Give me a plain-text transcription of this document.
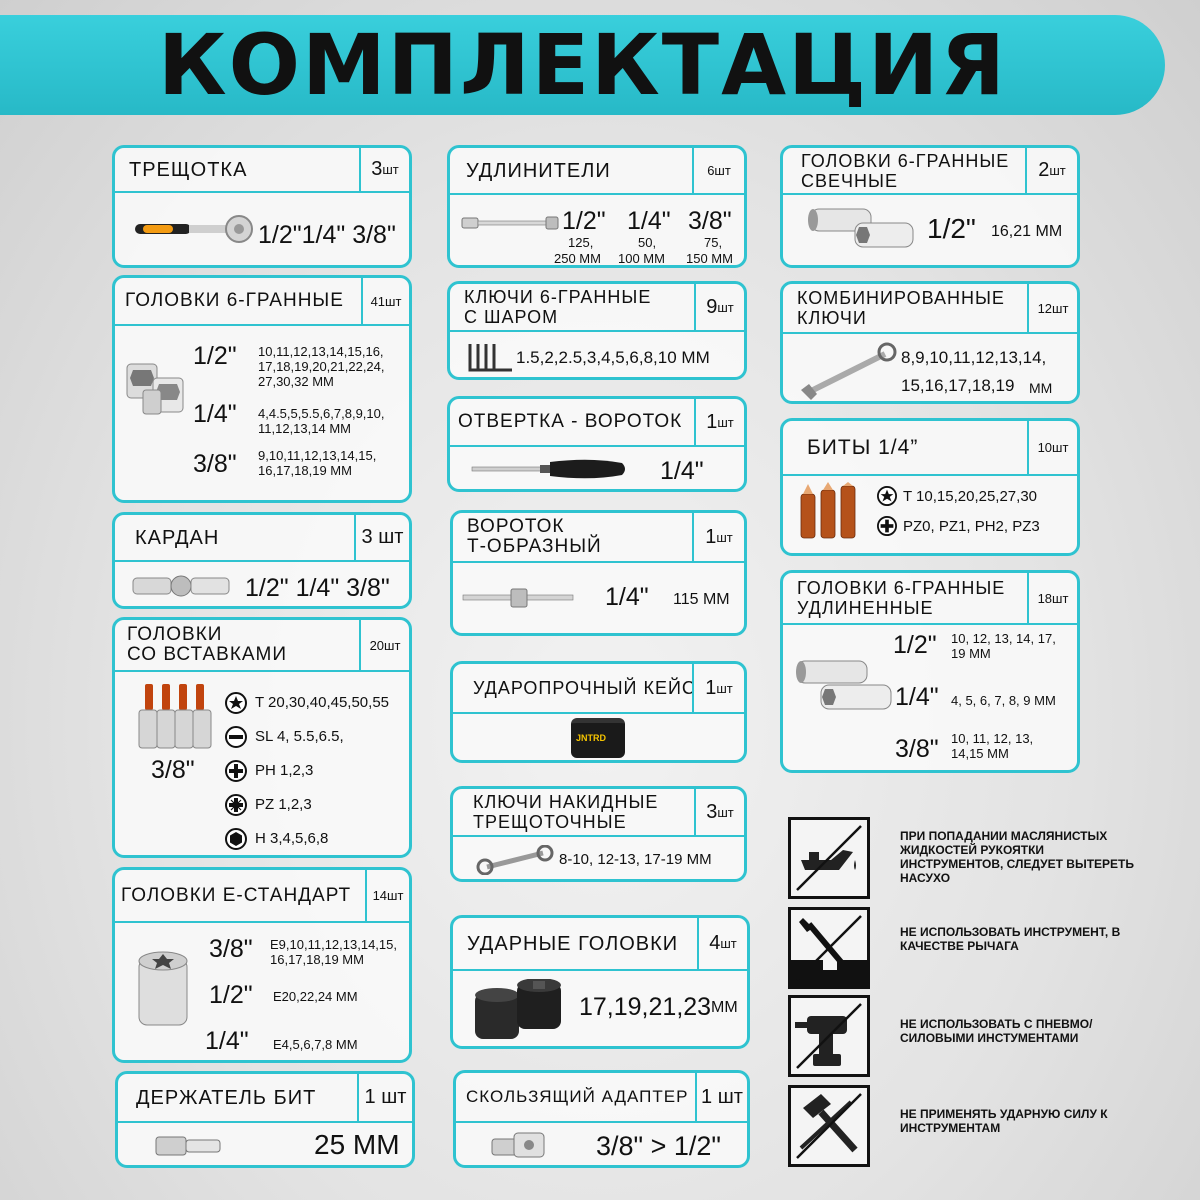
КОМПЛЕКТАЦИЯ
ТРЕЩОТКА	3 шт
1/2"1/4" 3/8"
ГОЛОВКИ 6-ГРАННЫЕ 41 шт
1/2" 10,11,12,13,14,15,16, 17,18,19,20,21,22,24, 27,30,32 ММ
1/4" 4,4.5,5,5.5,6,7,8,9,10, 11,12,13,14 ММ
3/8" 9,10,11,12,13,14,15, 16,17,18,19 ММ
КАРДАН	3 шт
1/2" 1/4" 3/8"
ГОЛОВКИ
СО ВСТАВКАМИ	20 шт
3/8"
T 20,30,40,45,50,55
SL 4, 5.5,6.5,
PH 1,2,3
PZ 1,2,3
H 3,4,5,6,8
ГОЛОВКИ Е-СТАНДАРТ 14 шт
3/8" E9,10,11,12,13,14,15, 16,17,18,19 ММ
1/2" E20,22,24 ММ
1/4" E4,5,6,7,8 ММ
ДЕРЖАТЕЛЬ БИТ	1 шт
25 ММ
УДЛИНИТЕЛИ	6 шт
1/2"
125,
250 ММ
1/4"
50,
100 ММ
3/8"
75,
150 ММ
КЛЮЧИ 6-ГРАННЫЕ
С ШАРОМ	9 шт
1.5,2,2.5,3,4,5,6,8,10 ММ
ОТВЕРТКА - ВОРОТОК 1 шт
1/4"
ВОРОТОК
Т-ОБРАЗНЫЙ	1 шт
1/4" 115 ММ
УДАРОПРОЧНЫЙ КЕЙС 1 шт
JNTRD
КЛЮЧИ НАКИДНЫЕ
ТРЕЩОТОЧНЫЕ	3 шт
8-10, 12-13, 17-19 ММ
УДАРНЫЕ ГОЛОВКИ 4 шт
17,19,21,23 ММ
СКОЛЬЗЯЩИЙ АДАПТЕР 1 шт
3/8" > 1/2"
ГОЛОВКИ 6-ГРАННЫЕ
СВЕЧНЫЕ	2 шт
1/2" 16,21 ММ
КОМБИНИРОВАННЫЕ
КЛЮЧИ	12 шт
8,9,10,11,12,13,14,
15,16,17,18,19 ММ
БИТЫ 1/4”	10 шт
T 10,15,20,25,27,30
PZ0, PZ1, PH2, PZ3
ГОЛОВКИ 6-ГРАННЫЕ
УДЛИНЕННЫЕ	18 шт
1/2" 10, 12, 13, 14, 17, 19 ММ
1/4" 4, 5, 6, 7, 8, 9 ММ
3/8" 10, 11, 12, 13, 14,15 ММ
ПРИ ПОПАДАНИИ МАСЛЯНИСТЫХ ЖИДКОСТЕЙ РУКОЯТКИ ИНСТРУМЕНТОВ, СЛЕДУЕТ ВЫТЕРЕТЬ НАСУХО
НЕ ИСПОЛЬЗОВАТЬ ИНСТРУМЕНТ, В КАЧЕСТВЕ РЫЧАГА
НЕ ИСПОЛЬЗОВАТЬ С ПНЕВМО/СИЛОВЫМИ ИНСТУМЕНТАМИ
НЕ ПРИМЕНЯТЬ УДАРНУЮ СИЛУ К ИНСТРУМЕНТАМ
